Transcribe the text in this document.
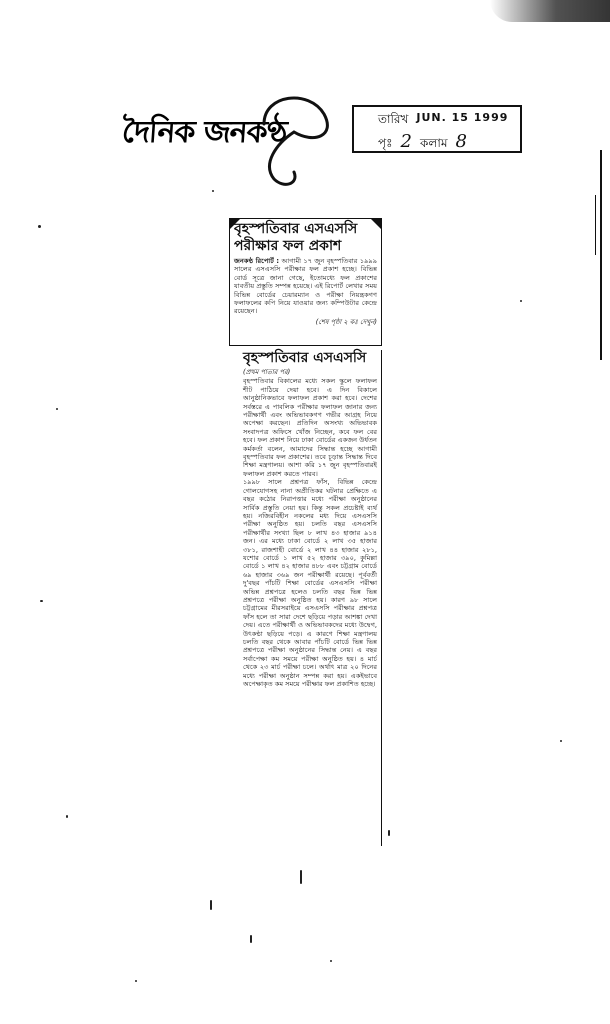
দৈনিক জনকণ্ঠ	তারিখ JUN. 15 1999
পৃঃ 2 কলাম 8
বৃহস্পতিবার এসএসসি পরীক্ষার ফল প্রকাশ
জনকণ্ঠ রিপোর্ট : আগামী ১৭ জুন বৃহস্পতিবার ১৯৯৯ সালের এসএসসি পরীক্ষার ফল প্রকাশ হচ্ছে। বিভিন্ন বোর্ড সূত্রে জানা গেছে, ইতোমধ্যে ফল প্রকাশের যাবতীয় প্রস্তুতি সম্পন্ন হয়েছে। এই রিপোর্ট লেখার সময় বিভিন্ন বোর্ডের চেয়ারম্যান ও পরীক্ষা নিয়ন্ত্রকগণ ফলাফলের কপি নিয়ে যাওয়ার জন্য কম্পিউটার কেন্দ্রে রয়েছেন।
(শেষ পৃষ্ঠা ২ কঃ দেখুন)
বৃহস্পতিবার এসএসসি
(প্রথম পাতার পর)

বৃহস্পতিবার বিকালের মধ্যে সকল স্কুলে ফলাফল শীট পাঠিয়ে দেয়া হবে। এ দিন বিকালে আনুষ্ঠানিকভাবে ফলাফল প্রকাশ করা হবে। দেশের সর্বস্তরে এ পাবলিক পরীক্ষার ফলাফল জানার জন্য পরীক্ষার্থী এবং অভিভাবকগণ গভীর আগ্রহ নিয়ে অপেক্ষা করছেন। প্রতিদিন অসংখ্য অভিভাবক সংবাদপত্র অফিসে খোঁজ নিচ্ছেন, কবে ফল বের হবে। ফল প্রকাশ নিয়ে ঢাকা বোর্ডের একজন উর্ধতন কর্মকর্তা বলেন, আমাদের সিদ্ধান্ত হচ্ছে আগামী বৃহস্পতিবার ফল প্রকাশের। তবে চূড়ান্ত সিদ্ধান্ত দিবে শিক্ষা মন্ত্রণালয়। আশা করি ১৭ জুন বৃহস্পতিবারই ফলাফল প্রকাশ করতে পারব।

১৯৯৮ সালে প্রশ্নপত্র ফাঁস, বিভিন্ন কেন্দ্রে গোলযোগসহ নানা অপ্রীতিকর ঘটনার প্রেক্ষিতে এ বছর কঠোর নিরাপত্তার মধ্যে পরীক্ষা অনুষ্ঠানের সার্বিক প্রস্তুতি নেয়া হয়। কিন্তু সকল প্রচেষ্টাই ব্যর্থ হয়। নজিরবিহীন নকলের মধ্য দিয়ে এসএসসি পরীক্ষা অনুষ্ঠিত হয়। চলতি বছর এসএসসি পরীক্ষার্থীর সংখ্যা ছিল ৮ লাখ ৪৩ হাজার ৯১৪ জন। এর মধ্যে ঢাকা বোর্ডে ২ লাখ ৩৫ হাজার ৩৮১, রাজশাহী বোর্ডে ২ লাখ ৪৪ হাজার ২৮১, যশোর বোর্ডে ১ লাখ ৫২ হাজার ৩৯০, কুমিল্লা বোর্ডে ১ লাখ ৪২ হাজার ৪৮৮ এবং চট্টগ্রাম বোর্ডে ৬৯ হাজার ৩৬৯ জন পরীক্ষার্থী রয়েছে। পূর্ববর্তী দু'বছর পাঁচটি শিক্ষা বোর্ডের এসএসসি পরীক্ষা অভিন্ন প্রশ্নপত্রে হলেও চলতি বছর ভিন্ন ভিন্ন প্রশ্নপত্রে পরীক্ষা অনুষ্ঠিত হয়। কারণ ৯৮ সালে চট্টগ্রামের মীরসরাইয়ে এসএসসি পরীক্ষার প্রশ্নপত্র ফাঁস হলে তা সারা দেশে ছড়িয়ে পড়ার আশঙ্কা দেখা দেয়। এতে পরীক্ষার্থী ও অভিভাবকদের মধ্যে উদ্বেগ, উৎকণ্ঠা ছড়িয়ে পড়ে। এ কারণে শিক্ষা মন্ত্রণালয় চলতি বছর থেকে আবার পাঁচটি বোর্ডে ভিন্ন ভিন্ন প্রশ্নপত্রে পরীক্ষা অনুষ্ঠানের সিদ্ধান্ত নেয়। এ বছর সর্বাপেক্ষা কম সময়ে পরীক্ষা অনুষ্ঠিত হয়। ৪ মার্চ থেকে ২৩ মার্চ পরীক্ষা চলে। অর্থাৎ মাত্র ২০ দিনের মধ্যে পরীক্ষা অনুষ্ঠান সম্পন্ন করা হয়। একইভাবে অপেক্ষাকৃত কম সময়ে পরীক্ষার ফল প্রকাশিত হচ্ছে।
